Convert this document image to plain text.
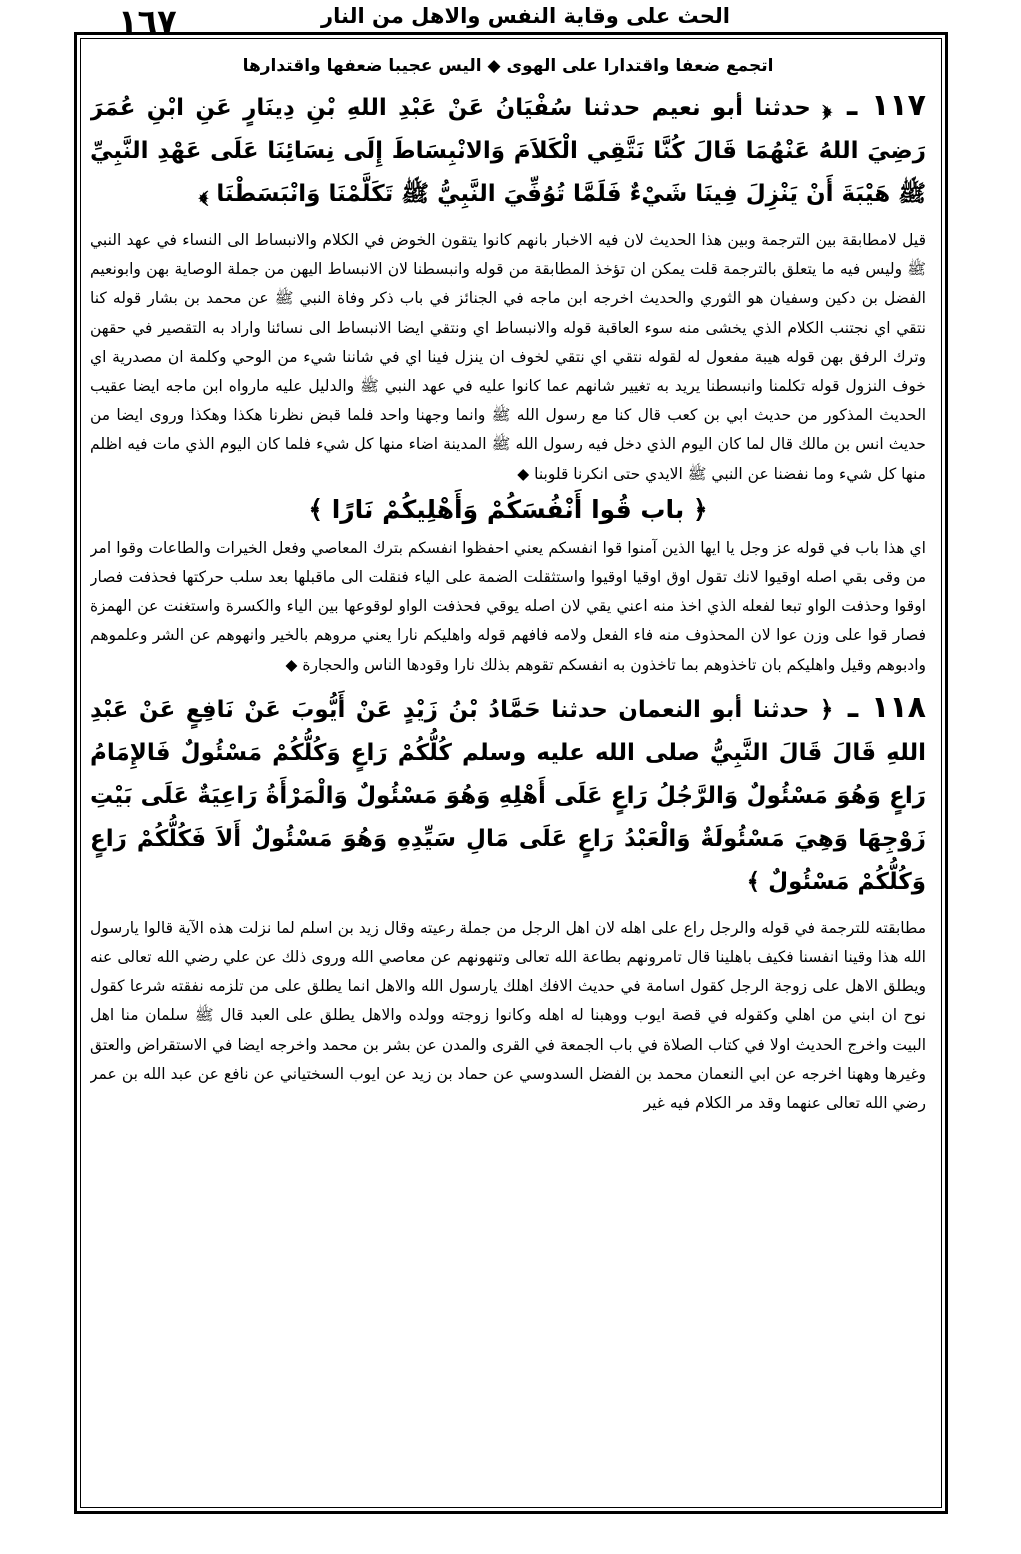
١٦٧	الحث على وقاية النفس والاهل من النار

اتجمع ضعفا واقتدارا على الهوى ◆ اليس عجيبا ضعفها واقتدارها

١١٧ ـ ﴿ حدثنا أبو نعيم حدثنا سُفْيَانُ عَنْ عَبْدِ اللهِ بْنِ دِينَارٍ عَنِ ابْنِ عُمَرَ رَضِيَ اللهُ عَنْهُمَا قَالَ كُنَّا نَتَّقِي الْكَلاَمَ وَالانْبِسَاطَ إِلَى نِسَائِنَا عَلَى عَهْدِ النَّبِيِّ ﷺ هَيْبَةَ أَنْ يَنْزِلَ فِينَا شَيْءٌ فَلَمَّا تُوُفِّيَ النَّبِيُّ ﷺ تَكَلَّمْنَا وَانْبَسَطْنَا ﴾

قيل لامطابقة بين الترجمة وبين هذا الحديث لان فيه الاخبار بانهم كانوا يتقون الخوض في الكلام والانبساط الى النساء في عهد النبي ﷺ وليس فيه ما يتعلق بالترجمة قلت يمكن ان تؤخذ المطابقة من قوله وانبسطنا لان الانبساط اليهن من جملة الوصاية بهن وابونعيم الفضل بن دكين وسفيان هو الثوري والحديث اخرجه ابن ماجه في الجنائز في باب ذكر وفاة النبي ﷺ عن محمد بن بشار قوله كنا نتقي اي نجتنب الكلام الذي يخشى منه سوء العاقبة قوله والانبساط اي ونتقي ايضا الانبساط الى نسائنا واراد به التقصير في حقهن وترك الرفق بهن قوله هيبة مفعول له لقوله نتقي اي نتقي لخوف ان ينزل فينا اي في شاننا شيء من الوحي وكلمة ان مصدرية اي خوف النزول قوله تكلمنا وانبسطنا يريد به تغيير شانهم عما كانوا عليه في عهد النبي ﷺ والدليل عليه مارواه ابن ماجه ايضا عقيب الحديث المذكور من حديث ابي بن كعب قال كنا مع رسول الله ﷺ وانما وجهنا واحد فلما قبض نظرنا هكذا وهكذا وروى ايضا من حديث انس بن مالك قال لما كان اليوم الذي دخل فيه رسول الله ﷺ المدينة اضاء منها كل شيء فلما كان اليوم الذي مات فيه اظلم منها كل شيء وما نفضنا عن النبي ﷺ الايدي حتى انكرنا قلوبنا ◆

﴿ باب قُوا أَنْفُسَكُمْ وَأَهْلِيكُمْ نَارًا ﴾

اي هذا باب في قوله عز وجل يا ايها الذين آمنوا قوا انفسكم يعني احفظوا انفسكم بترك المعاصي وفعل الخيرات والطاعات وقوا امر من وقى بقي اصله اوقيوا لانك تقول اوق اوقيا اوقيوا واستثقلت الضمة على الياء فنقلت الى ماقبلها بعد سلب حركتها فحذفت فصار اوقوا وحذفت الواو تبعا لفعله الذي اخذ منه اعني يقي لان اصله يوقي فحذفت الواو لوقوعها بين الياء والكسرة واستغنت عن الهمزة فصار قوا على وزن عوا لان المحذوف منه فاء الفعل ولامه فافهم قوله واهليكم نارا يعني مروهم بالخير وانهوهم عن الشر وعلموهم وادبوهم وقيل واهليكم بان تاخذوهم بما تاخذون به انفسكم تقوهم بذلك نارا وقودها الناس والحجارة ◆

١١٨ ـ ﴿ حدثنا أبو النعمان حدثنا حَمَّادُ بْنُ زَيْدٍ عَنْ أَيُّوبَ عَنْ نَافِعٍ عَنْ عَبْدِ اللهِ قَالَ قَالَ النَّبِيُّ صلى الله عليه وسلم كُلُّكُمْ رَاعٍ وَكُلُّكُمْ مَسْئُولٌ فَالإِمَامُ رَاعٍ وَهُوَ مَسْئُولٌ وَالرَّجُلُ رَاعٍ عَلَى أَهْلِهِ وَهُوَ مَسْئُولٌ وَالْمَرْأَةُ رَاعِيَةٌ عَلَى بَيْتِ زَوْجِهَا وَهِيَ مَسْئُولَةٌ وَالْعَبْدُ رَاعٍ عَلَى مَالِ سَيِّدِهِ وَهُوَ مَسْئُولٌ أَلاَ فَكُلُّكُمْ رَاعٍ وَكُلُّكُمْ مَسْئُولٌ ﴾

مطابقته للترجمة في قوله والرجل راع على اهله لان اهل الرجل من جملة رعيته وقال زيد بن اسلم لما نزلت هذه الآية قالوا يارسول الله هذا وقينا انفسنا فكيف باهلينا قال تامرونهم بطاعة الله تعالى وتنهونهم عن معاصي الله وروى ذلك عن علي رضي الله تعالى عنه ويطلق الاهل على زوجة الرجل كقول اسامة في حديث الافك اهلك يارسول الله والاهل انما يطلق على من تلزمه نفقته شرعا كقول نوح ان ابني من اهلي وكقوله في قصة ايوب ووهبنا له اهله وكانوا زوجته وولده والاهل يطلق على العبد قال ﷺ سلمان منا اهل البيت واخرج الحديث اولا في كتاب الصلاة في باب الجمعة في القرى والمدن عن بشر بن محمد واخرجه ايضا في الاستقراض والعتق وغيرها وههنا اخرجه عن ابي النعمان محمد بن الفضل السدوسي عن حماد بن زيد عن ايوب السختياني عن نافع عن عبد الله بن عمر رضي الله تعالى عنهما وقد مر الكلام فيه غير
